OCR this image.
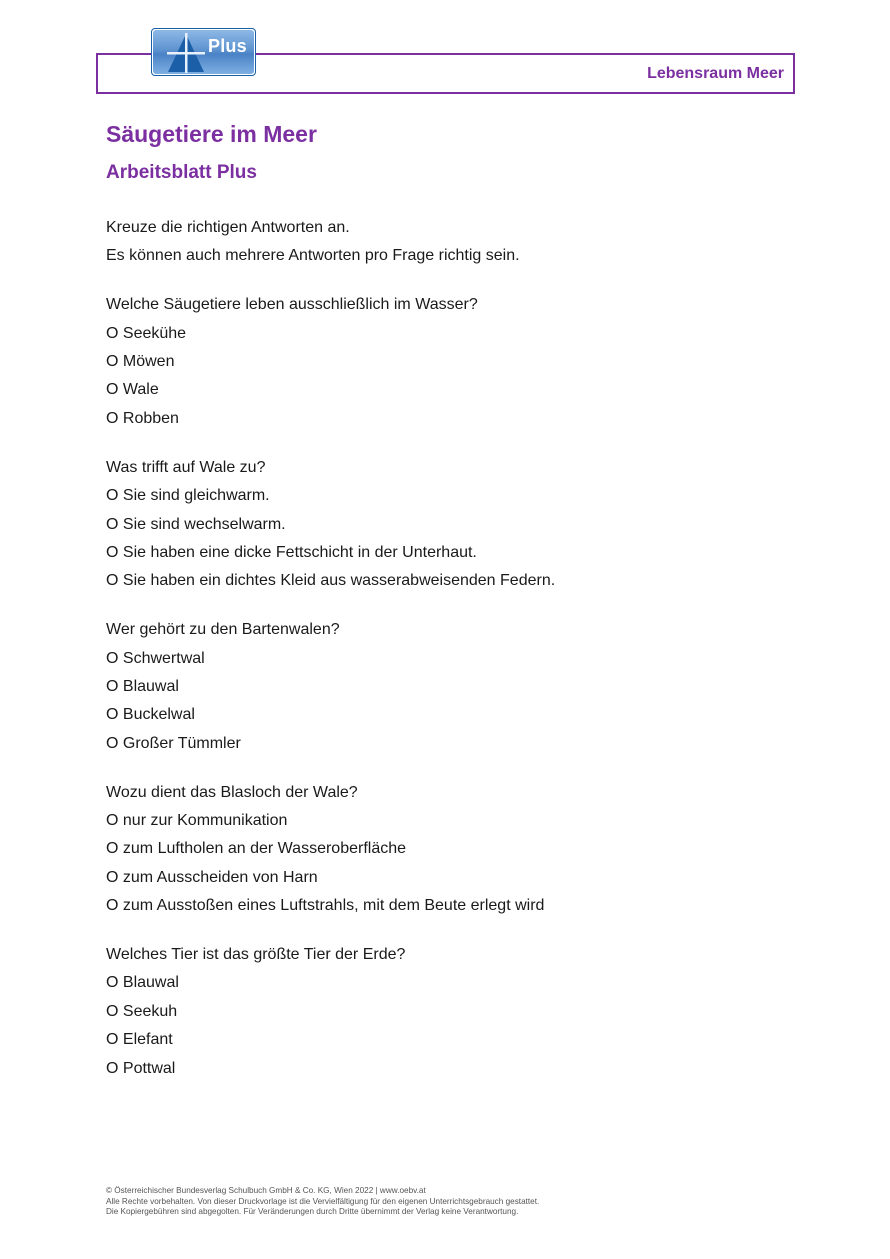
Lebensraum Meer
Plus
Säugetiere im Meer
Arbeitsblatt Plus
Kreuze die richtigen Antworten an.
Es können auch mehrere Antworten pro Frage richtig sein.
Welche Säugetiere leben ausschließlich im Wasser?
O Seekühe
O Möwen
O Wale
O Robben
Was trifft auf Wale zu?
O Sie sind gleichwarm.
O Sie sind wechselwarm.
O Sie haben eine dicke Fettschicht in der Unterhaut.
O Sie haben ein dichtes Kleid aus wasserabweisenden Federn.
Wer gehört zu den Bartenwalen?
O Schwertwal
O Blauwal
O Buckelwal
O Großer Tümmler
Wozu dient das Blasloch der Wale?
O nur zur Kommunikation
O zum Luftholen an der Wasseroberfläche
O zum Ausscheiden von Harn
O zum Ausstoßen eines Luftstrahls, mit dem Beute erlegt wird
Welches Tier ist das größte Tier der Erde?
O Blauwal
O Seekuh
O Elefant
O Pottwal
© Österreichischer Bundesverlag Schulbuch GmbH & Co. KG, Wien 2022 | www.oebv.at
Alle Rechte vorbehalten. Von dieser Druckvorlage ist die Vervielfältigung für den eigenen Unterrichtsgebrauch gestattet.
Die Kopiergebühren sind abgegolten. Für Veränderungen durch Dritte übernimmt der Verlag keine Verantwortung.
